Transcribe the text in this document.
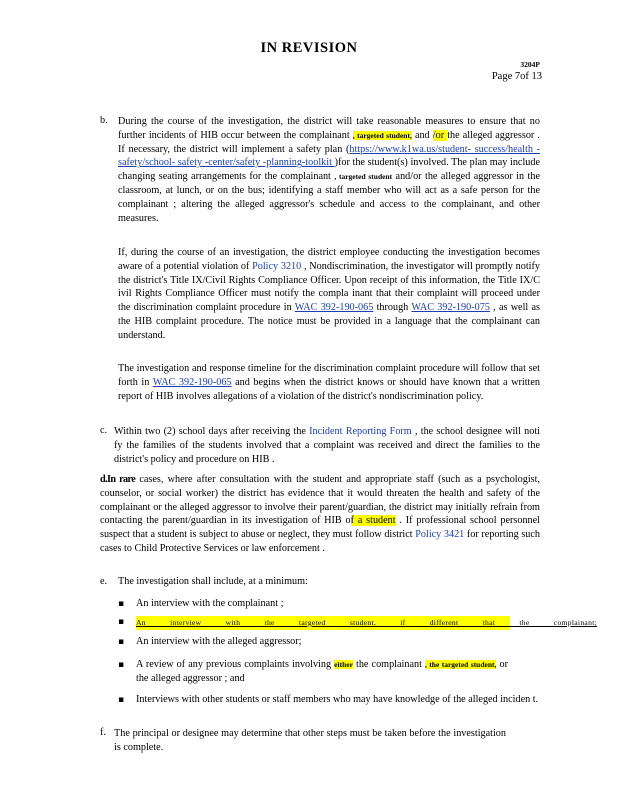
IN REVISION
3204P
Page 7of 13
b. During the course of the investigation, the district will take reasonable measures to ensure that no further incidents of HIB occur between the complainant , targeted student, and /or the alleged aggressor . If necessary, the district will implement a safety plan (https://www.k1wa.us/student- success/health -safety/school- safety -center/safety -planning-toolkit )for the student(s) involved. The plan may include changing seating arrangements for the complainant , targeted student and/or the alleged aggressor in the classroom, at lunch, or on the bus; identifying a staff member who will act as a safe person for the complainant ; altering the alleged aggressor's schedule and access to the complainant, and other measures.
If, during the course of an investigation, the district employee conducting the investigation becomes aware of a potential violation of Policy 3210 , Nondiscrimination, the investigator will promptly notify the district's Title IX/Civil Rights Compliance Officer. Upon receipt of this information, the Title IX/C ivil Rights Compliance Officer must notify the compla inant that their complaint will proceed under the discrimination complaint procedure in WAC 392-190-065 through WAC 392-190-075 , as well as the HIB complaint procedure. The notice must be provided in a language that the complainant can understand.
The investigation and response timeline for the discrimination complaint procedure will follow that set forth in WAC 392-190-065 and begins when the district knows or should have known that a written report of HIB involves allegations of a violation of the district's nondiscrimination policy.
c. Within two (2) school days after receiving the Incident Reporting Form , the school designee will noti fy the families of the students involved that a complaint was received and direct the families to the district's policy and procedure on HIB .
d.In rare cases, where after consultation with the student and appropriate staff (such as a psychologist, counselor, or social worker) the district has evidence that it would threaten the health and safety of the complainant or the alleged aggressor to involve their parent/guardian, the district may initially refrain from contacting the parent/guardian in its investigation of HIB of a student . If professional school personnel suspect that a student is subject to abuse or neglect, they must follow district Policy 3421 for reporting such cases to Child Protective Services or law enforcement .
e. The investigation shall include, at a minimum:
▪ An interview with the complainant ;
▪ An interview with the targeted student, if different that the complainant;
▪ An interview with the alleged aggressor;
▪ A review of any previous complaints involving either the complainant , the targeted student, or the alleged aggressor ; and
▪ Interviews with other students or staff members who may have knowledge of the alleged inciden t.
f. The principal or designee may determine that other steps must be taken before the investigation is complete.
